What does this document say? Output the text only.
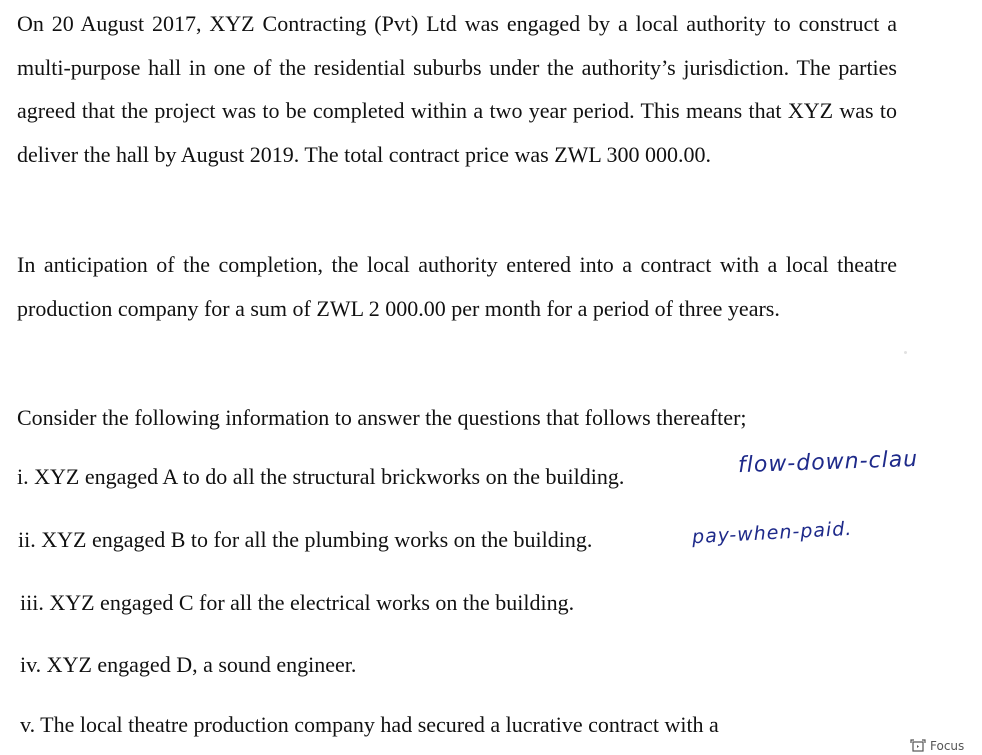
On 20 August 2017, XYZ Contracting (Pvt) Ltd was engaged by a local authority to construct a multi-purpose hall in one of the residential suburbs under the authority’s jurisdiction. The parties agreed that the project was to be completed within a two year period. This means that XYZ was to deliver the hall by August 2019. The total contract price was ZWL 300 000.00.

In anticipation of the completion, the local authority entered into a contract with a local theatre production company for a sum of ZWL 2 000.00 per month for a period of three years.

Consider the following information to answer the questions that follows thereafter;

i. XYZ engaged A to do all the structural brickworks on the building.
ii. XYZ engaged B to for all the plumbing works on the building.
iii. XYZ engaged C for all the electrical works on the building.
iv. XYZ engaged D, a sound engineer.
v. The local theatre production company had secured a lucrative contract with a
flow-down-clau
pay-when-paid.
Focus
